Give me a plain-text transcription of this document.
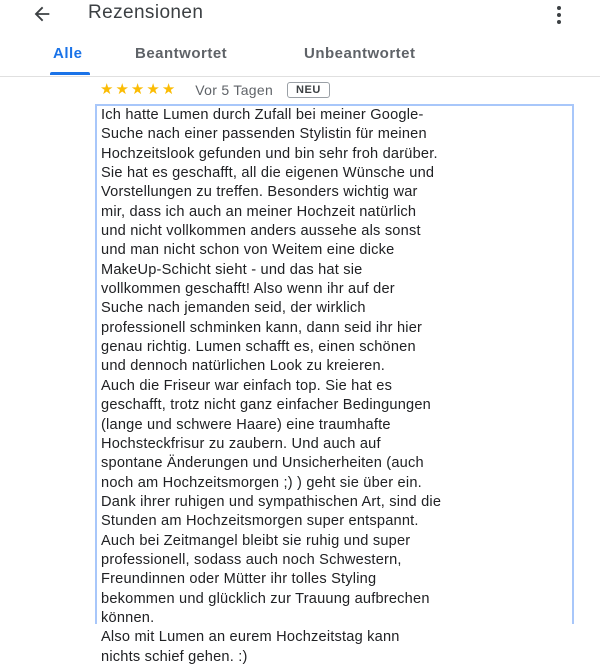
Rezensionen
Alle	Beantwortet	Unbeantwortet
★ ★ ★ ★ ★ Vor 5 Tagen	NEU

Ich hatte Lumen durch Zufall bei meiner Google-
Suche nach einer passenden Stylistin für meinen
Hochzeitslook gefunden und bin sehr froh darüber.
Sie hat es geschafft, all die eigenen Wünsche und
Vorstellungen zu treffen. Besonders wichtig war
mir, dass ich auch an meiner Hochzeit natürlich
und nicht vollkommen anders aussehe als sonst
und man nicht schon von Weitem eine dicke
MakeUp-Schicht sieht - und das hat sie
vollkommen geschafft! Also wenn ihr auf der
Suche nach jemanden seid, der wirklich
professionell schminken kann, dann seid ihr hier
genau richtig. Lumen schafft es, einen schönen
und dennoch natürlichen Look zu kreieren.
Auch die Friseur war einfach top. Sie hat es
geschafft, trotz nicht ganz einfacher Bedingungen
(lange und schwere Haare) eine traumhafte
Hochsteckfrisur zu zaubern. Und auch auf
spontane Änderungen und Unsicherheiten (auch
noch am Hochzeitsmorgen ;) ) geht sie über ein.
Dank ihrer ruhigen und sympathischen Art, sind die
Stunden am Hochzeitsmorgen super entspannt.
Auch bei Zeitmangel bleibt sie ruhig und super
professionell, sodass auch noch Schwestern,
Freundinnen oder Mütter ihr tolles Styling
bekommen und glücklich zur Trauung aufbrechen
können.
Also mit Lumen an eurem Hochzeitstag kann
nichts schief gehen. :)
